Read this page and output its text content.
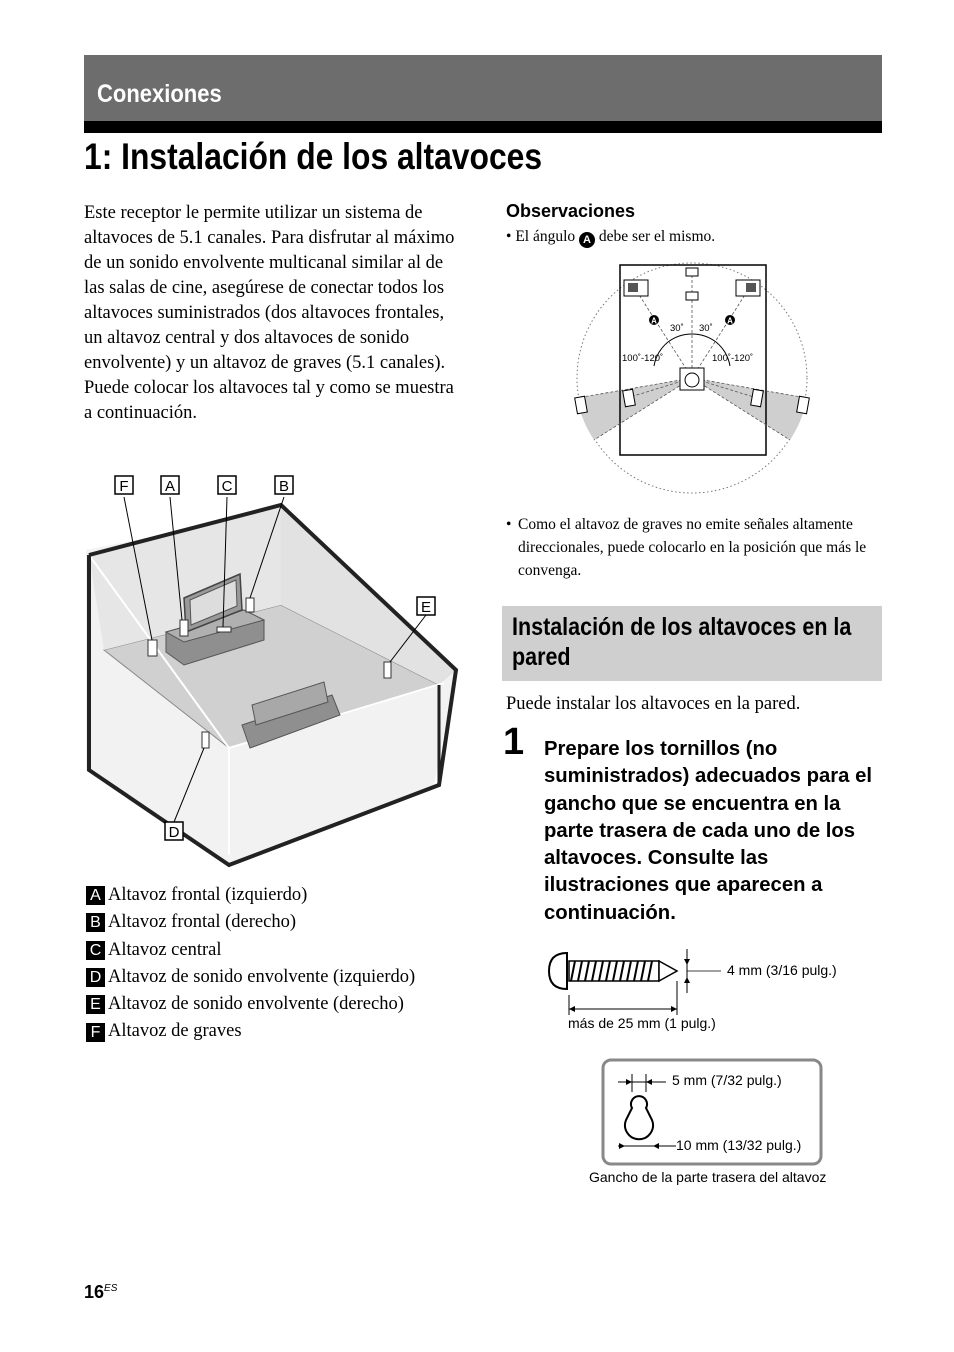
Conexiones
1: Instalación de los altavoces

Este receptor le permite utilizar un sistema de altavoces de 5.1 canales. Para disfrutar al máximo de un sonido envolvente multicanal similar al de las salas de cine, asegúrese de conectar todos los altavoces suministrados (dos altavoces frontales, un altavoz central y dos altavoces de sonido envolvente) y un altavoz de graves (5.1 canales).

Puede colocar los altavoces tal y como se muestra a continuación.

F A	C	B
E
D
A Altavoz frontal (izquierdo)
B Altavoz frontal (derecho)
C Altavoz central
D Altavoz de sonido envolvente (izquierdo)
E Altavoz de sonido envolvente (derecho)
F Altavoz de graves
Observaciones
• El ángulo A debe ser el mismo.
A	A
30˚ 30˚
100˚-120˚	100˚-120˚
• Como el altavoz de graves no emite señales altamente direccionales, puede colocarlo en la posición que más le convenga.
Instalación de los altavoces en la pared
Puede instalar los altavoces en la pared.
1 Prepare los tornillos (no suministrados) adecuados para el gancho que se encuentra en la parte trasera de cada uno de los altavoces. Consulte las ilustraciones que aparecen a continuación.
4 mm (3/16 pulg.)
más de 25 mm (1 pulg.)
5 mm (7/32 pulg.)
10 mm (13/32 pulg.)
Gancho de la parte trasera del altavoz
$16^{ES}$
